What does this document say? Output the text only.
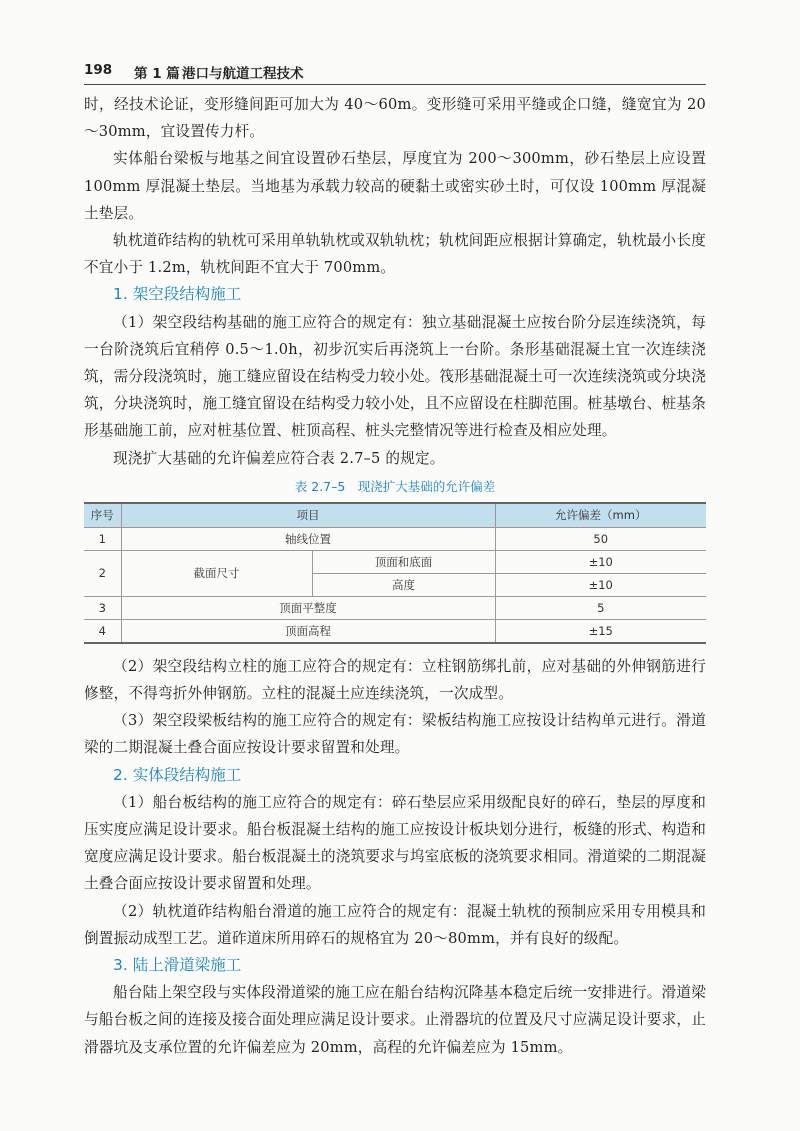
198 第 1 篇 港口与航道工程技术

时，经技术论证，变形缝间距可加大为 40～60m。变形缝可采用平缝或企口缝，缝宽宜为 20～30mm，宜设置传力杆。

实体船台梁板与地基之间宜设置砂石垫层，厚度宜为 200～300mm，砂石垫层上应设置 100mm 厚混凝土垫层。当地基为承载力较高的硬黏土或密实砂土时，可仅设 100mm 厚混凝土垫层。

轨枕道砟结构的轨枕可采用单轨轨枕或双轨轨枕；轨枕间距应根据计算确定，轨枕最小长度不宜小于 1.2m，轨枕间距不宜大于 700mm。

1. 架空段结构施工

（1）架空段结构基础的施工应符合的规定有：独立基础混凝土应按台阶分层连续浇筑，每一台阶浇筑后宜稍停 0.5～1.0h，初步沉实后再浇筑上一台阶。条形基础混凝土宜一次连续浇筑，需分段浇筑时，施工缝应留设在结构受力较小处。筏形基础混凝土可一次连续浇筑或分块浇筑，分块浇筑时，施工缝宜留设在结构受力较小处，且不应留设在柱脚范围。桩基墩台、桩基条形基础施工前，应对桩基位置、桩顶高程、桩头完整情况等进行检查及相应处理。

现浇扩大基础的允许偏差应符合表 2.7–5 的规定。

表 2.7–5　现浇扩大基础的允许偏差
序号	项目		允许偏差（mm）
1	轴线位置		50
2	截面尺寸	顶面和底面	±10
		高度	±10
3	顶面平整度		5
4	顶面高程		±15

（2）架空段结构立柱的施工应符合的规定有：立柱钢筋绑扎前，应对基础的外伸钢筋进行修整，不得弯折外伸钢筋。立柱的混凝土应连续浇筑，一次成型。

（3）架空段梁板结构的施工应符合的规定有：梁板结构施工应按设计结构单元进行。滑道梁的二期混凝土叠合面应按设计要求留置和处理。

2. 实体段结构施工

（1）船台板结构的施工应符合的规定有：碎石垫层应采用级配良好的碎石，垫层的厚度和压实度应满足设计要求。船台板混凝土结构的施工应按设计板块划分进行，板缝的形式、构造和宽度应满足设计要求。船台板混凝土的浇筑要求与坞室底板的浇筑要求相同。滑道梁的二期混凝土叠合面应按设计要求留置和处理。

（2）轨枕道砟结构船台滑道的施工应符合的规定有：混凝土轨枕的预制应采用专用模具和倒置振动成型工艺。道砟道床所用碎石的规格宜为 20～80mm，并有良好的级配。

3. 陆上滑道梁施工

船台陆上架空段与实体段滑道梁的施工应在船台结构沉降基本稳定后统一安排进行。滑道梁与船台板之间的连接及接合面处理应满足设计要求。止滑器坑的位置及尺寸应满足设计要求，止滑器坑及支承位置的允许偏差应为 20mm，高程的允许偏差应为 15mm。
